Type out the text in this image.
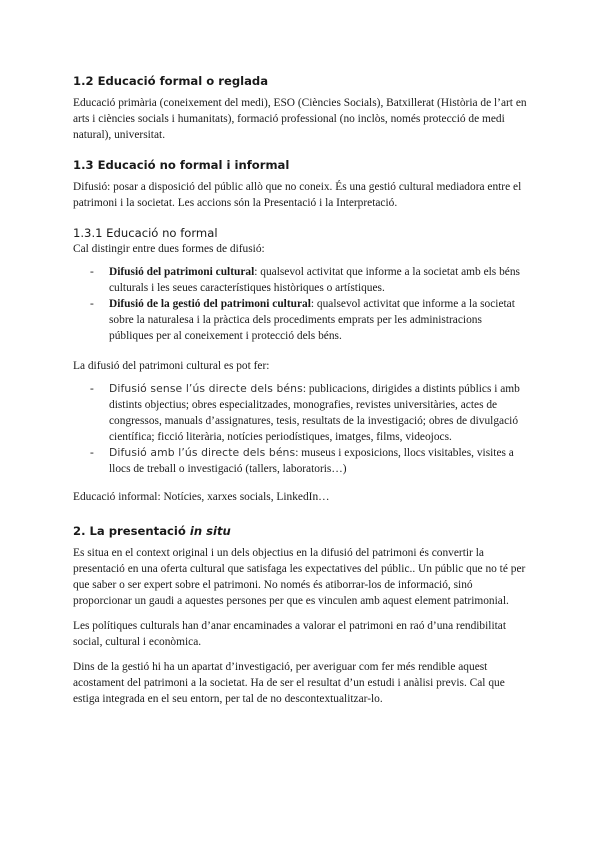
1.2 Educació formal o reglada

Educació primària (coneixement del medi), ESO (Ciències Socials), Batxillerat (Història de l’art en arts i ciències socials i humanitats), formació professional (no inclòs, només protecció de medi natural), universitat.

1.3 Educació no formal i informal

Difusió: posar a disposició del públic allò que no coneix. És una gestió cultural mediadora entre el patrimoni i la societat. Les accions són la Presentació i la Interpretació.

1.3.1 Educació no formal

Cal distingir entre dues formes de difusió:

- Difusió del patrimoni cultural: qualsevol activitat que informe a la societat amb els béns culturals i les seues característiques històriques o artístiques.
- Difusió de la gestió del patrimoni cultural: qualsevol activitat que informe a la societat sobre la naturalesa i la pràctica dels procediments emprats per les administracions públiques per al coneixement i protecció dels béns.

La difusió del patrimoni cultural es pot fer:

- Difusió sense l’ús directe dels béns: publicacions, dirigides a distints públics i amb distints objectius; obres especialitzades, monografies, revistes universitàries, actes de congressos, manuals d’assignatures, tesis, resultats de la investigació; obres de divulgació científica; ficció literària, notícies periodístiques, imatges, films, videojocs.
- Difusió amb l’ús directe dels béns: museus i exposicions, llocs visitables, visites a llocs de treball o investigació (tallers, laboratoris…)

Educació informal: Notícies, xarxes socials, LinkedIn…

2. La presentació in situ

Es situa en el context original i un dels objectius en la difusió del patrimoni és convertir la presentació en una oferta cultural que satisfaga les expectatives del públic.. Un públic que no té per que saber o ser expert sobre el patrimoni. No només és atiborrar-los de informació, sinó proporcionar un gaudi a aquestes persones per que es vinculen amb aquest element patrimonial.

Les polítiques culturals han d’anar encaminades a valorar el patrimoni en raó d’una rendibilitat social, cultural i econòmica.

Dins de la gestió hi ha un apartat d’investigació, per averiguar com fer més rendible aquest acostament del patrimoni a la societat. Ha de ser el resultat d’un estudi i anàlisi previs. Cal que estiga integrada en el seu entorn, per tal de no descontextualitzar-lo.
